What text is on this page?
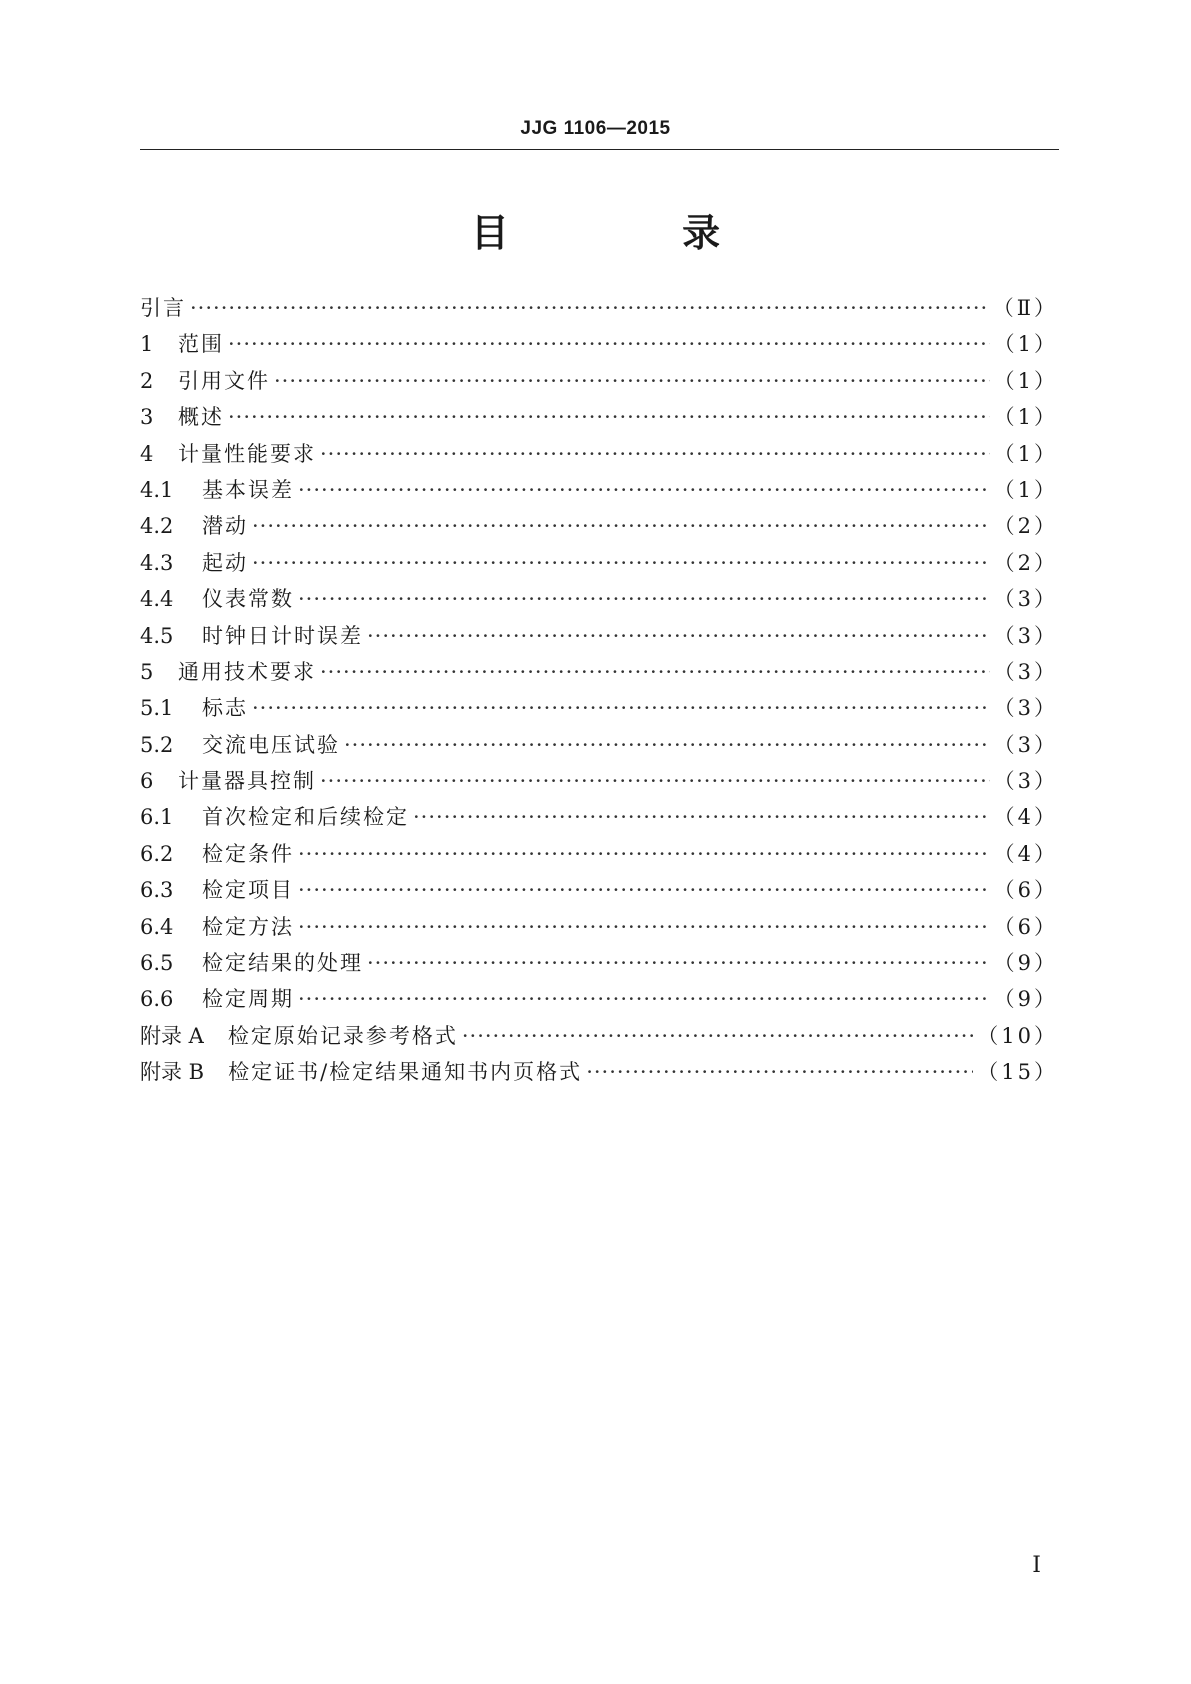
JJG 1106—2015
目 录
引言 ·····	（Ⅱ）
1	范围 ·····	（1）
2	引用文件 ·····	（1）
3	概述 ·····	（1）
4	计量性能要求 ·····	（1）
4.1	基本误差 ·····	（1）
4.2	潜动 ·····	（2）
4.3	起动 ·····	（2）
4.4	仪表常数 ·····	（3）
4.5	时钟日计时误差 ·····	（3）
5	通用技术要求 ·····	（3）
5.1	标志 ·····	（3）
5.2	交流电压试验 ·····	（3）
6	计量器具控制 ·····	（3）
6.1	首次检定和后续检定 ·····	（4）
6.2	检定条件 ·····	（4）
6.3	检定项目 ·····	（6）
6.4	检定方法 ·····	（6）
6.5	检定结果的处理 ·····	（9）
6.6	检定周期 ·····	（9）
附录 A 检定原始记录参考格式 ·····	（10）
附录 B 检定证书/检定结果通知书内页格式 ·····	（15）
Ⅰ
